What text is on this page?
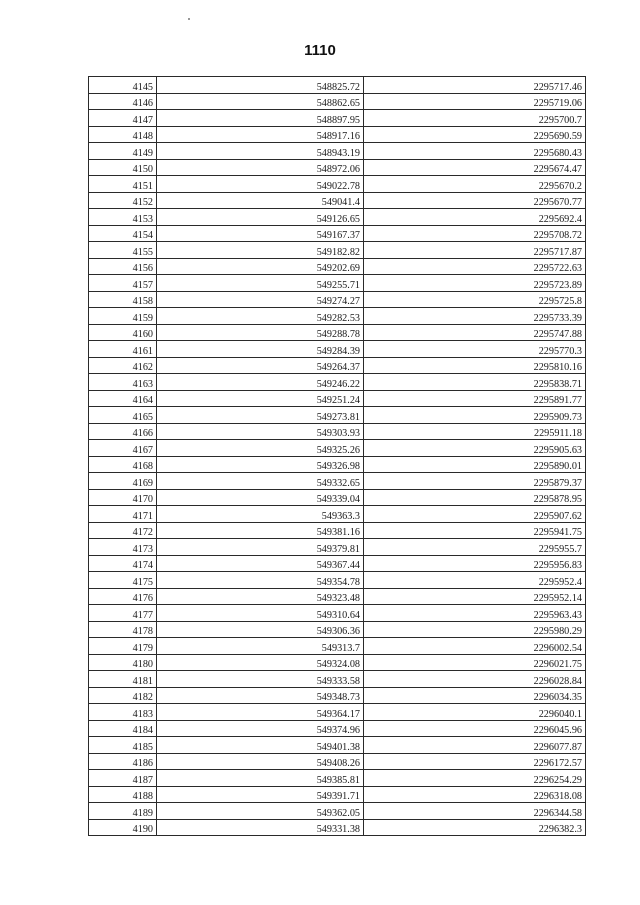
1110
4145	548825.72	2295717.46
4146	548862.65	2295719.06
4147	548897.95	2295700.7
4148	548917.16	2295690.59
4149	548943.19	2295680.43
4150	548972.06	2295674.47
4151	549022.78	2295670.2
4152	549041.4	2295670.77
4153	549126.65	2295692.4
4154	549167.37	2295708.72
4155	549182.82	2295717.87
4156	549202.69	2295722.63
4157	549255.71	2295723.89
4158	549274.27	2295725.8
4159	549282.53	2295733.39
4160	549288.78	2295747.88
4161	549284.39	2295770.3
4162	549264.37	2295810.16
4163	549246.22	2295838.71
4164	549251.24	2295891.77
4165	549273.81	2295909.73
4166	549303.93	2295911.18
4167	549325.26	2295905.63
4168	549326.98	2295890.01
4169	549332.65	2295879.37
4170	549339.04	2295878.95
4171	549363.3	2295907.62
4172	549381.16	2295941.75
4173	549379.81	2295955.7
4174	549367.44	2295956.83
4175	549354.78	2295952.4
4176	549323.48	2295952.14
4177	549310.64	2295963.43
4178	549306.36	2295980.29
4179	549313.7	2296002.54
4180	549324.08	2296021.75
4181	549333.58	2296028.84
4182	549348.73	2296034.35
4183	549364.17	2296040.1
4184	549374.96	2296045.96
4185	549401.38	2296077.87
4186	549408.26	2296172.57
4187	549385.81	2296254.29
4188	549391.71	2296318.08
4189	549362.05	2296344.58
4190	549331.38	2296382.3
